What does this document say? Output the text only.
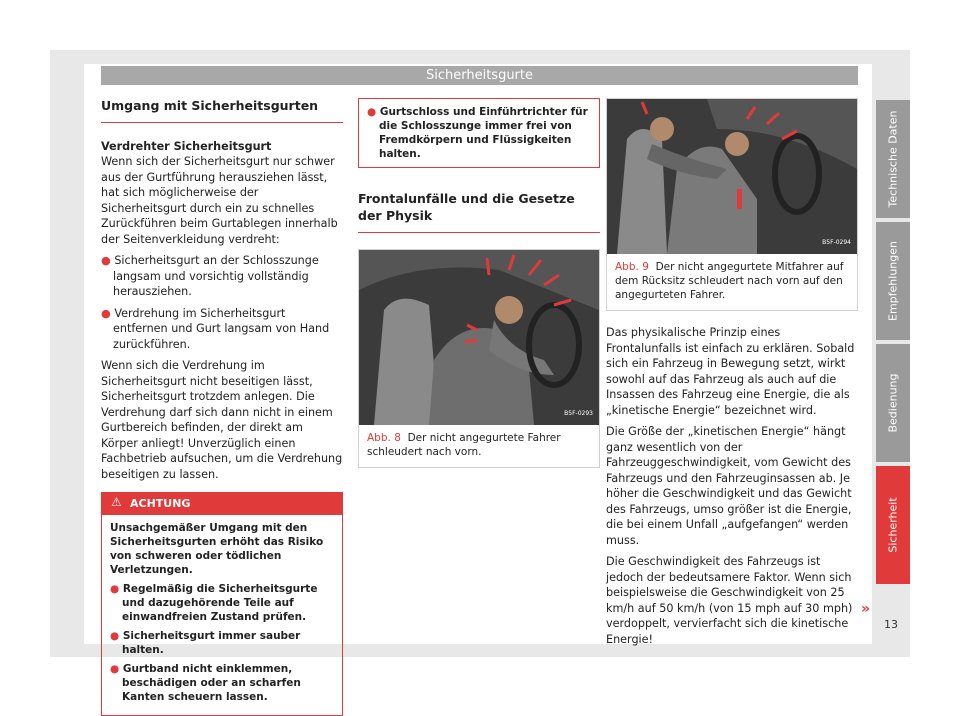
Sicherheitsgurte
Umgang mit Sicherheitsgurten

Verdrehter Sicherheitsgurt

Wenn sich der Sicherheitsgurt nur schwer aus der Gurtführung herausziehen lässt, hat sich möglicherweise der Sicherheitsgurt durch ein zu schnelles Zurückführen beim Gurtablegen innerhalb der Seitenverkleidung verdreht:

● Sicherheitsgurt an der Schlosszunge langsam und vorsichtig vollständig herausziehen.

● Verdrehung im Sicherheitsgurt entfernen und Gurt langsam von Hand zurückführen.

Wenn sich die Verdrehung im Sicherheitsgurt nicht beseitigen lässt, Sicherheitsgurt trotzdem anlegen. Die Verdrehung darf sich dann nicht in einem Gurtbereich befinden, der direkt am Körper anliegt! Unverzüglich einen Fachbetrieb aufsuchen, um die Verdrehung beseitigen zu lassen.

⚠ ACHTUNG

Unsachgemäßer Umgang mit den Sicherheitsgurten erhöht das Risiko von schweren oder tödlichen Verletzungen.

● Regelmäßig die Sicherheitsgurte und dazugehörende Teile auf einwandfreien Zustand prüfen.

● Sicherheitsgurt immer sauber halten.

● Gurtband nicht einklemmen, beschädigen oder an scharfen Kanten scheuern lassen.

● Gurtschloss und Einführtrichter für die Schlosszunge immer frei von Fremdkörpern und Flüssigkeiten halten.

Frontalunfälle und die Gesetze der Physik
B5F-0293
Abb. 8 Der nicht angegurtete Fahrer schleudert nach vorn.
B5F-0294
Abb. 9 Der nicht angegurtete Mitfahrer auf dem Rücksitz schleudert nach vorn auf den angegurteten Fahrer.

Das physikalische Prinzip eines Frontalunfalls ist einfach zu erklären. Sobald sich ein Fahrzeug in Bewegung setzt, wirkt sowohl auf das Fahrzeug als auch auf die Insassen des Fahrzeug eine Energie, die als „kinetische Energie“ bezeichnet wird.

Die Größe der „kinetischen Energie“ hängt ganz wesentlich von der Fahrzeuggeschwindigkeit, vom Gewicht des Fahrzeugs und den Fahrzeuginsassen ab. Je höher die Geschwindigkeit und das Gewicht des Fahrzeugs, umso größer ist die Energie, die bei einem Unfall „aufgefangen“ werden muss.

Die Geschwindigkeit des Fahrzeugs ist jedoch der bedeutsamere Faktor. Wenn sich beispielsweise die Geschwindigkeit von 25 km/h auf 50 km/h (von 15 mph auf 30 mph) verdoppelt, vervierfacht sich die kinetische Energie!

»
Technische Daten
Empfehlungen
Bedienung
Sicherheit
13
